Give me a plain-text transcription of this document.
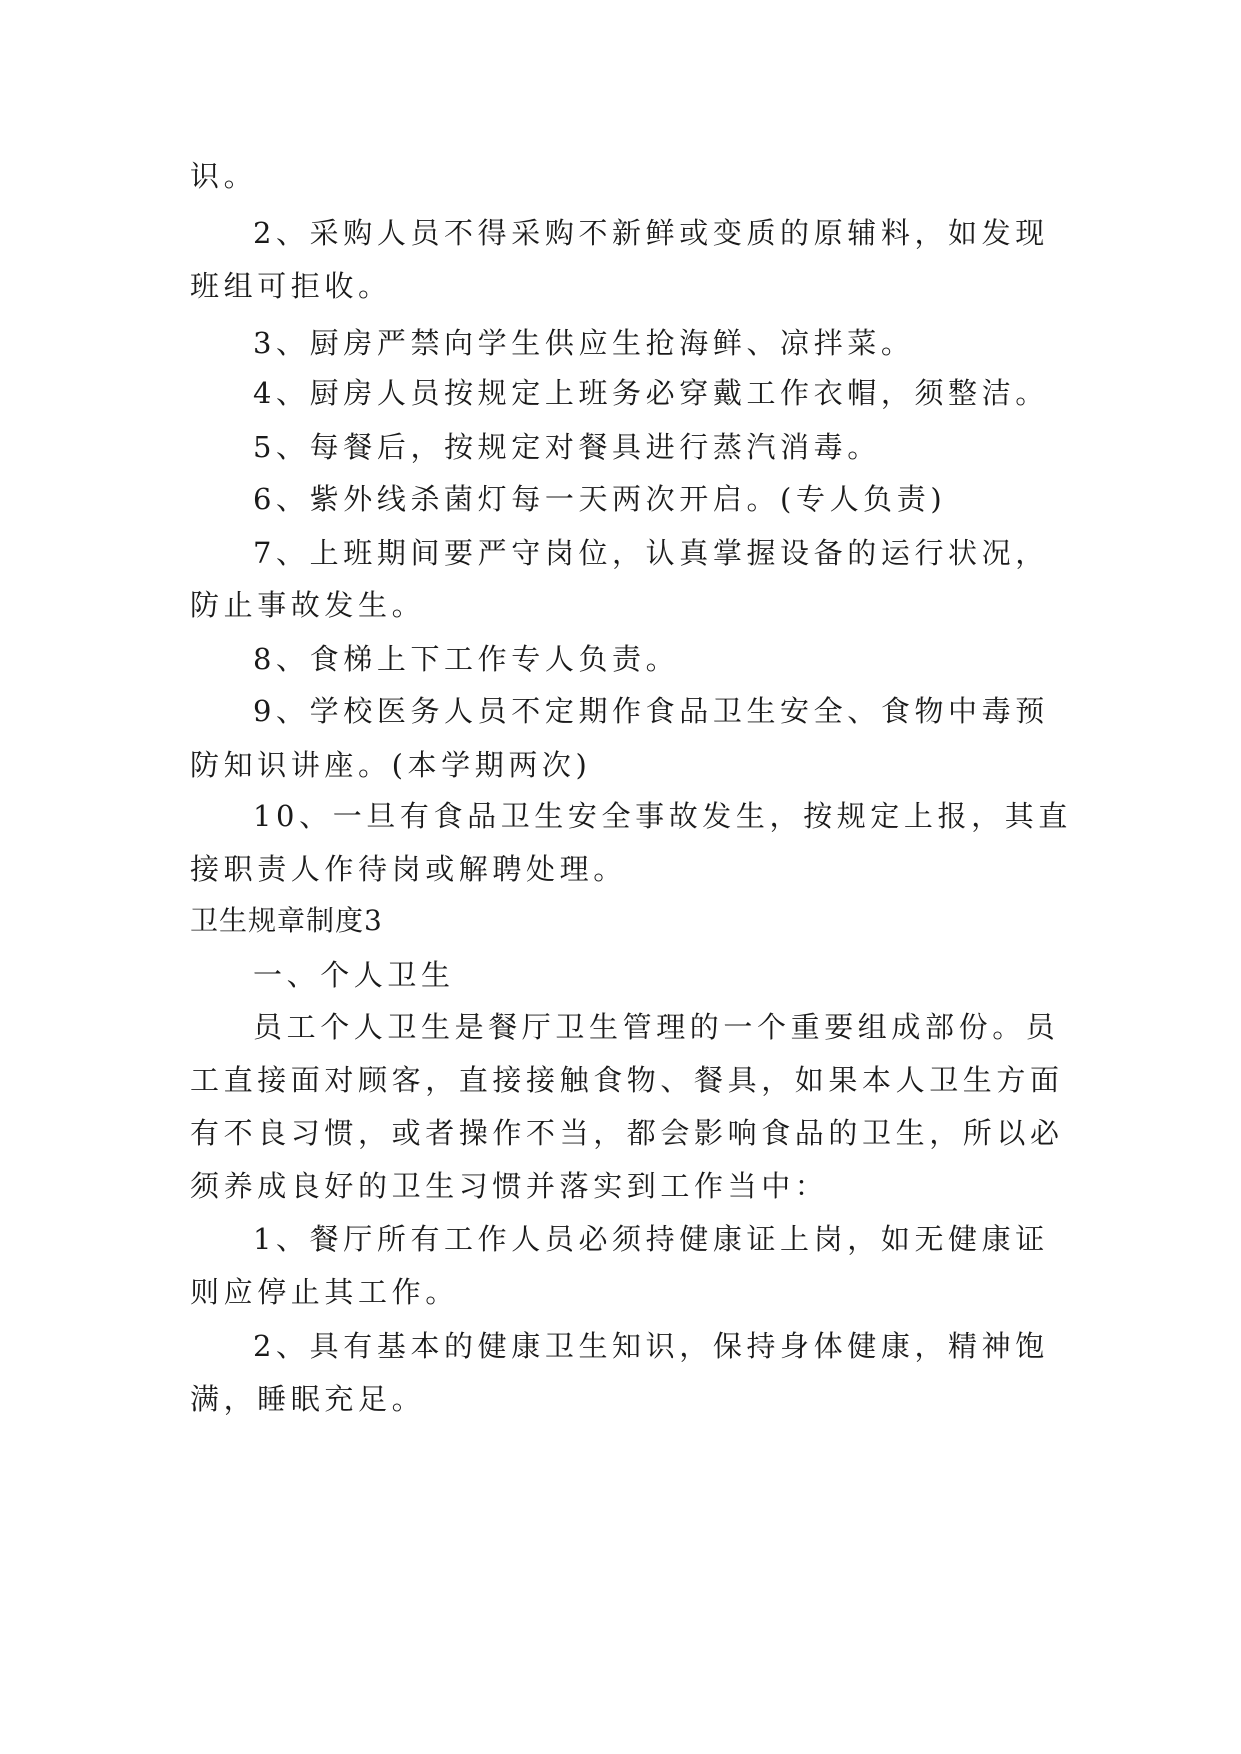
识。
2、采购人员不得采购不新鲜或变质的原辅料，如发现
班组可拒收。
3、厨房严禁向学生供应生抢海鲜、凉拌菜。
4、厨房人员按规定上班务必穿戴工作衣帽，须整洁。
5、每餐后，按规定对餐具进行蒸汽消毒。
6、紫外线杀菌灯每一天两次开启。(专人负责)
7、上班期间要严守岗位，认真掌握设备的运行状况，
防止事故发生。
8、食梯上下工作专人负责。
9、学校医务人员不定期作食品卫生安全、食物中毒预
防知识讲座。(本学期两次)
10、一旦有食品卫生安全事故发生，按规定上报，其直
接职责人作待岗或解聘处理。
卫生规章制度3
一、个人卫生
员工个人卫生是餐厅卫生管理的一个重要组成部份。员
工直接面对顾客，直接接触食物、餐具，如果本人卫生方面
有不良习惯，或者操作不当，都会影响食品的卫生，所以必
须养成良好的卫生习惯并落实到工作当中：
1、餐厅所有工作人员必须持健康证上岗，如无健康证
则应停止其工作。
2、具有基本的健康卫生知识，保持身体健康，精神饱
满，睡眠充足。
